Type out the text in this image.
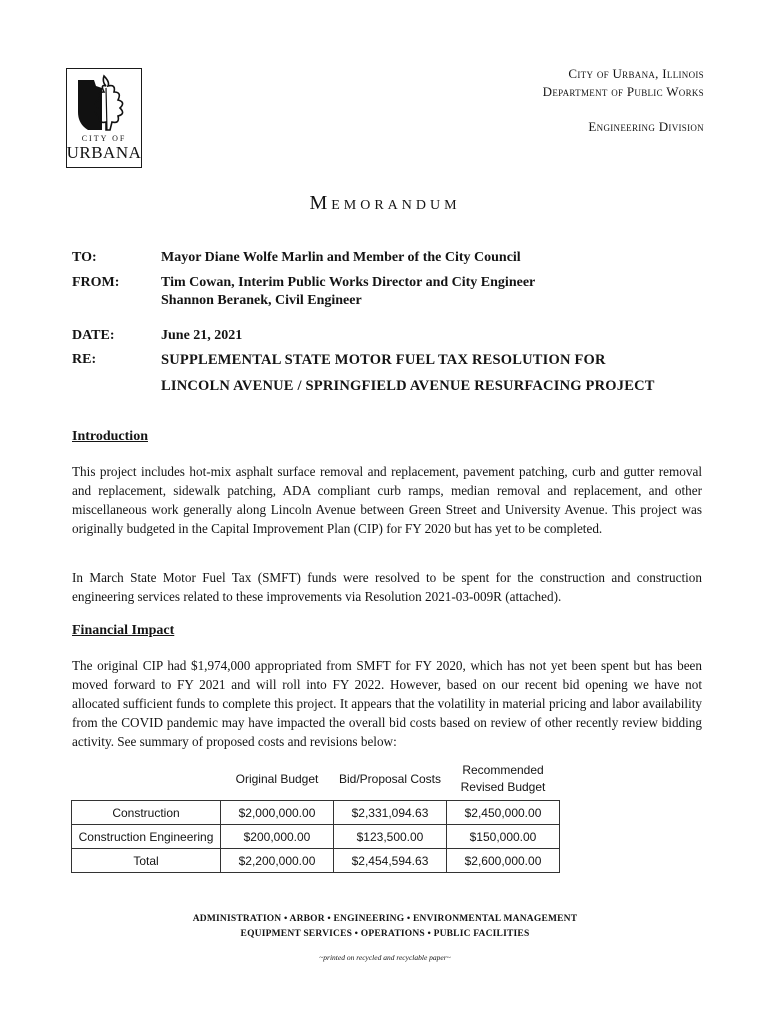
CITY OF
URBANA
City of Urbana, Illinois
Department of Public Works
Engineering Division
Memorandum
TO:	Mayor Diane Wolfe Marlin and Member of the City Council
FROM:	Tim Cowan, Interim Public Works Director and City Engineer
Shannon Beranek, Civil Engineer
DATE:	June 21, 2021
RE:	SUPPLEMENTAL STATE MOTOR FUEL TAX RESOLUTION FOR
LINCOLN AVENUE / SPRINGFIELD AVENUE RESURFACING PROJECT
Introduction
This project includes hot-mix asphalt surface removal and replacement, pavement patching, curb and gutter removal and replacement, sidewalk patching, ADA compliant curb ramps, median removal and replacement, and other miscellaneous work generally along Lincoln Avenue between Green Street and University Avenue. This project was originally budgeted in the Capital Improvement Plan (CIP) for FY 2020 but has yet to be completed.
In March State Motor Fuel Tax (SMFT) funds were resolved to be spent for the construction and construction engineering services related to these improvements via Resolution 2021-03-009R (attached).
Financial Impact
The original CIP had $1,974,000 appropriated from SMFT for FY 2020, which has not yet been spent but has been moved forward to FY 2021 and will roll into FY 2022. However, based on our recent bid opening we have not allocated sufficient funds to complete this project. It appears that the volatility in material pricing and labor availability from the COVID pandemic may have impacted the overall bid costs based on review of other recently review bidding activity. See summary of proposed costs and revisions below:
	Original Budget	Bid/Proposal Costs	Recommended Revised Budget
Construction	$2,000,000.00	$2,331,094.63	$2,450,000.00
Construction Engineering	$200,000.00	$123,500.00	$150,000.00
Total	$2,200,000.00	$2,454,594.63	$2,600,000.00
ADMINISTRATION • ARBOR • ENGINEERING • ENVIRONMENTAL MANAGEMENT
EQUIPMENT SERVICES • OPERATIONS • PUBLIC FACILITIES
~printed on recycled and recyclable paper~
